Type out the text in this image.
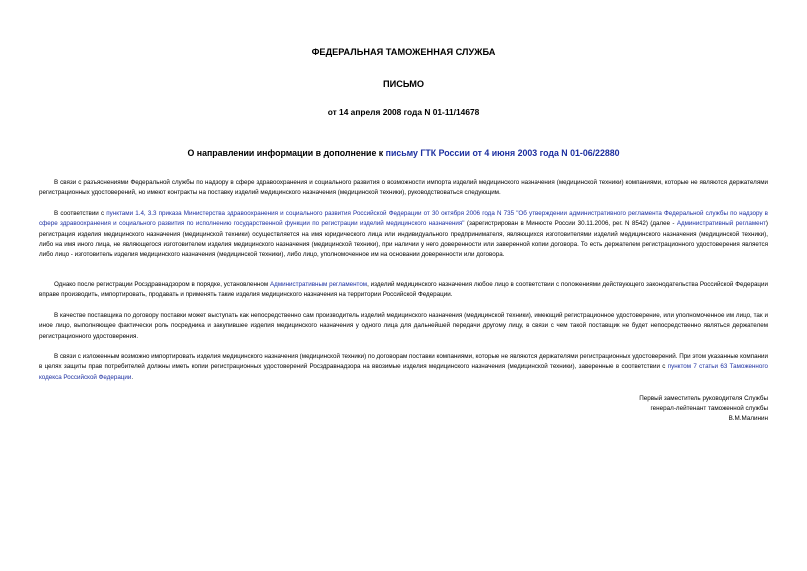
ФЕДЕРАЛЬНАЯ ТАМОЖЕННАЯ СЛУЖБА
ПИСЬМО
от 14 апреля 2008 года N 01-11/14678
О направлении информации в дополнение к письму ГТК России от 4 июня 2003 года N 01-06/22880

В связи с разъяснениями Федеральной службы по надзору в сфере здравоохранения и социального развития о возможности импорта изделий медицинского назначения (медицинской техники) компаниями, которые не являются держателями регистрационных удостоверений, но имеют контракты на поставку изделий медицинского назначения (медицинской техники), руководствоваться следующим.

В соответствии с пунктами 1.4, 3.3 приказа Министерства здравоохранения и социального развития Российской Федерации от 30 октября 2006 года N 735 "Об утверждении административного регламента Федеральной службы по надзору в сфере здравоохранения и социального развития по исполнению государственной функции по регистрации изделий медицинского назначения" (зарегистрирован в Минюсте России 30.11.2006, рег. N 8542) (далее - Административный регламент) регистрация изделия медицинского назначения (медицинской техники) осуществляется на имя юридического лица или индивидуального предпринимателя, являющихся изготовителями изделий медицинского назначения (медицинской техники), либо на имя иного лица, не являющегося изготовителем изделия медицинского назначения (медицинской техники), при наличии у него доверенности или заверенной копии договора. То есть держателем регистрационного удостоверения является либо лицо - изготовитель изделия медицинского назначения (медицинской техники), либо лицо, уполномоченное им на основании доверенности или договора.

Однако после регистрации Росздравнадзором в порядке, установленном Административным регламентом, изделий медицинского назначения любое лицо в соответствии с положениями действующего законодательства Российской Федерации вправе производить, импортировать, продавать и применять такие изделия медицинского назначения на территории Российской Федерации.

В качестве поставщика по договору поставки может выступать как непосредственно сам производитель изделий медицинского назначения (медицинской техники), имеющий регистрационное удостоверение, или уполномоченное им лицо, так и иное лицо, выполняющее фактически роль посредника и закупившее изделия медицинского назначения у одного лица для дальнейшей передачи другому лицу, в связи с чем такой поставщик не будет непосредственно являться держателем регистрационного удостоверения.

В связи с изложенным возможно импортировать изделия медицинского назначения (медицинской техники) по договорам поставки компаниями, которые не являются держателями регистрационных удостоверений. При этом указанные компании в целях защиты прав потребителей должны иметь копии регистрационных удостоверений Росздравнадзора на ввозимые изделия медицинского назначения (медицинской техники), заверенные в соответствии с пунктом 7 статьи 63 Таможенного кодекса Российской Федерации.

Первый заместитель руководителя Службы
генерал-лейтенант таможенной службы
В.М.Малинин
